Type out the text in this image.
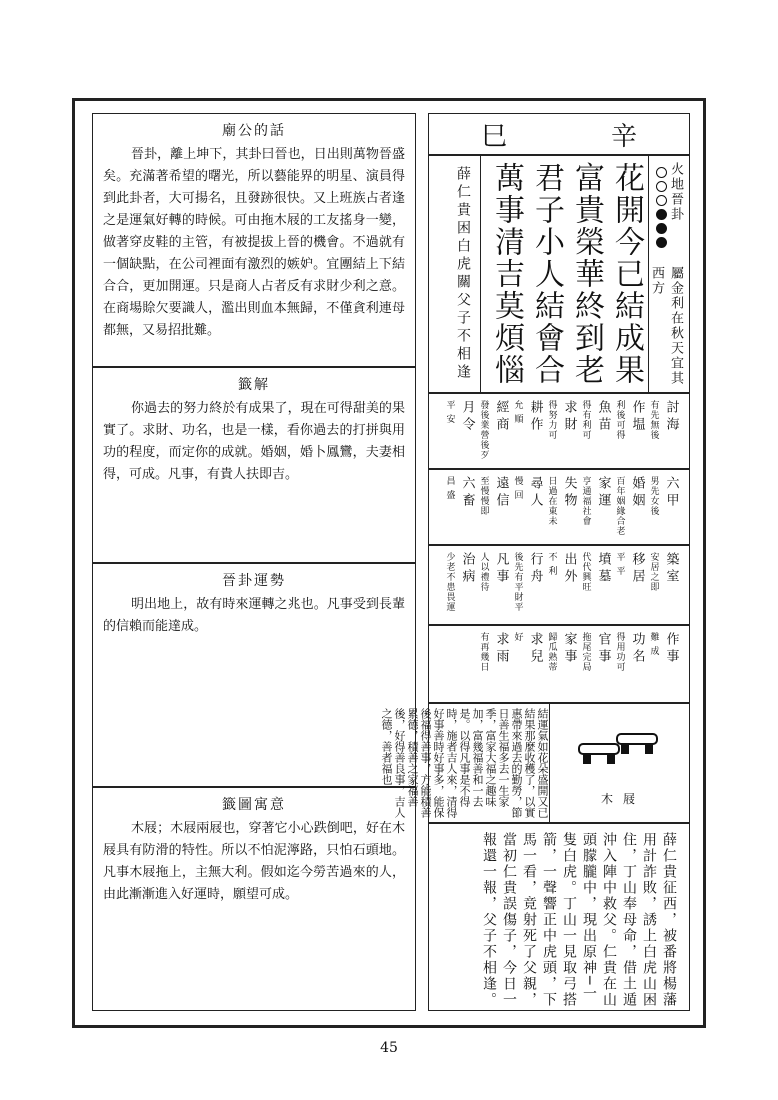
廟公的話

晉卦，離上坤下，其卦曰晉也，日出則萬物晉盛矣。充滿著希望的曙光，所以藝能界的明星、演員得到此卦者，大可揚名，且發跡很快。又上班族占者逢之是運氣好轉的時候。可由拖木屐的工友搖身一變，做著穿皮鞋的主管，有被提拔上晉的機會。不過就有一個缺點，在公司裡面有激烈的嫉妒。宜團結上下結合合，更加開運。只是商人占者反有求財少利之意。在商場賒欠要識人，濫出則血本無歸，不僅貪利連母都無，又易招批難。

籤解

你過去的努力終於有成果了，現在可得甜美的果實了。求財、功名，也是一樣，看你過去的打拼與用功的程度，而定你的成就。婚姻，婚卜鳳鸞，夫妻相得，可成。凡事，有貴人扶即吉。

晉卦運勢

明出地上，故有時來運轉之兆也。凡事受到長輩的信賴而能達成。

籤圖寓意

木屐；木屐兩屐也，穿著它小心跌倒吧，好在木屐具有防滑的特性。所以不怕泥濘路，只怕石頭地。凡事木屐拖上，主無大利。假如迄今勞苦過來的人，由此漸漸進入好運時，願望可成。

巳	辛
火地晉卦
屬金利在秋天宜其西方
花開今已結成果
富貴榮華終到老
君子小人結會合
萬事清吉莫煩惱
薛仁貴困白虎關父子不相逢
討海
有先無後
作塭
利後可得
魚苗
得有利可
求財
得努力可
耕作
允 順
經商
發後業營後歹
月令
平 安
六甲
男先女後
婚姻
百年姻緣合老
家運
亨通福社會
失物
日過在東未
尋人
慢 回
遠信
至慢慢即
六畜
昌 盛
築室
安居之即
移居
平 平
墳墓
代代興旺
出外
不 利
行舟
後先有平財平
凡事
人以禮待
治病
少老不患畏運
作事
難 成
功名
得用功可
官事
拖尾完局
家事
歸瓜熟蒂
求兒
好
求雨
有再幾日
結運氣如花朵盛開又已結果那麼收穫了，以實惠帶來過去的勤勞，節日善生福多去一生家季，富家大福之趣味加，富幾福善和一去是。以得凡事是不得時，施者吉人來，清得好事善時好事多，能保後福得善事，方能積善累德，積善之家福善後，好得善良事，吉人之德，善者福也
木屐
薛仁貴征西，被番將楊藩用計詐敗，誘上白虎山困住，丁山奉母命，借土遁沖入陣中救父。仁貴在山頭朦朧中，現出原神─一隻白虎。丁山一見取弓搭箭，一聲響正中虎頭，下馬一看，竟射死了父親，當初仁貴誤傷子，今日一報還一報，父子不相逢。
45
